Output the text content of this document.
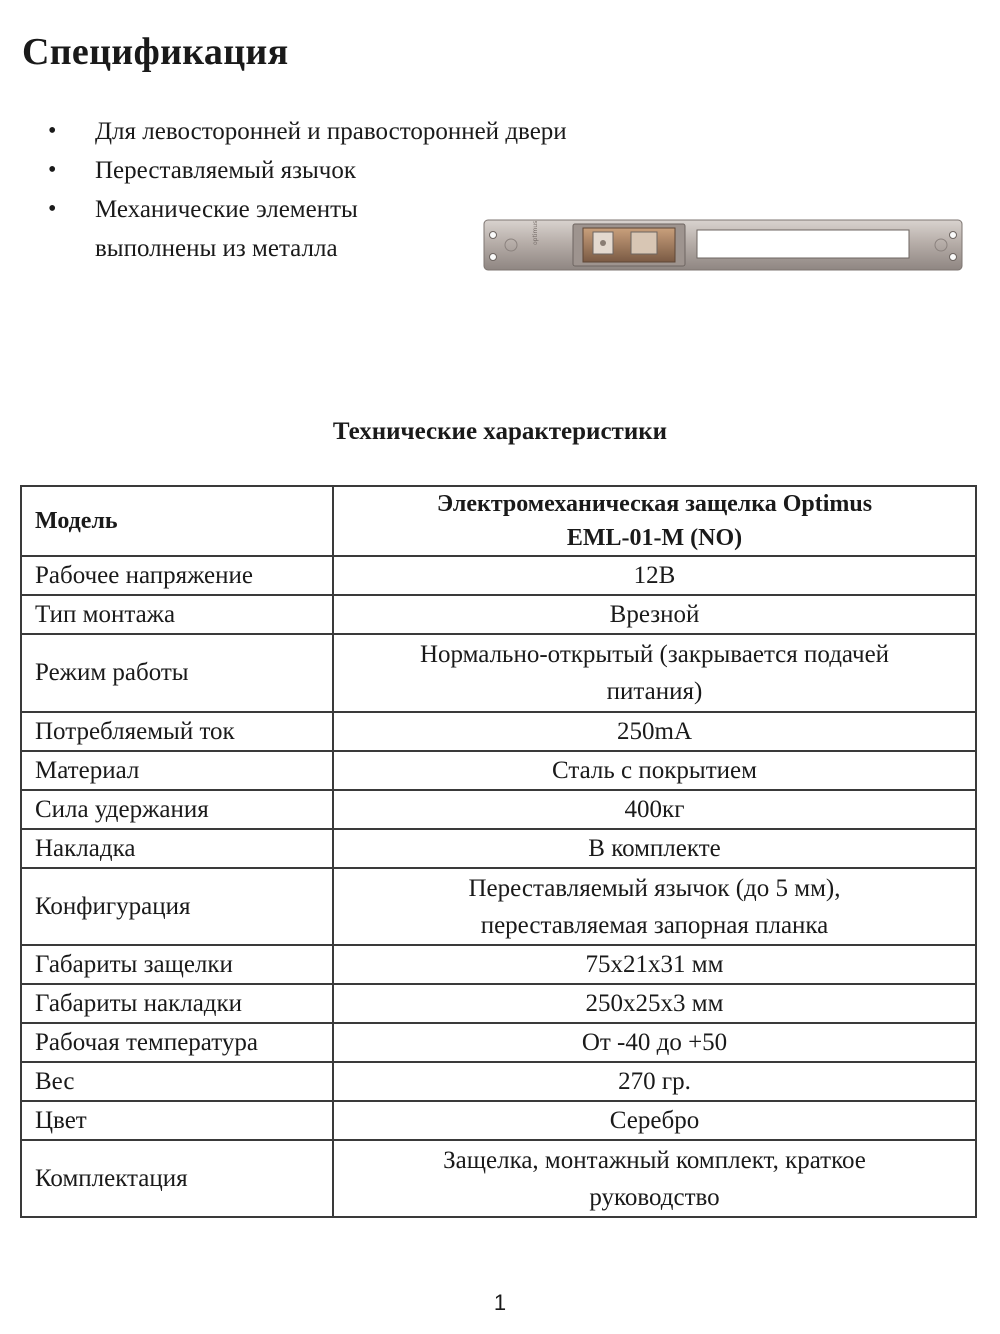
Спецификация
• Для левосторонней и правосторонней двери
• Переставляемый язычок
• Механические элементы выполнены из металла
optimus
Технические характеристики
Модель	Электромеханическая защелка Optimus
EML-01-M (NO)
Рабочее напряжение	12В
Тип монтажа	Врезной
Режим работы	Нормально-открытый (закрывается подачей питания)
Потребляемый ток	250mA
Материал	Сталь с покрытием
Сила удержания	400кг
Накладка	В комплекте
Конфигурация	Переставляемый язычок (до 5 мм), переставляемая запорная планка
Габариты защелки	75x21x31 мм
Габариты накладки	250x25x3 мм
Рабочая температура	От -40 до +50
Вес	270 гр.
Цвет	Серебро
Комплектация	Защелка, монтажный комплект, краткое руководство
1
